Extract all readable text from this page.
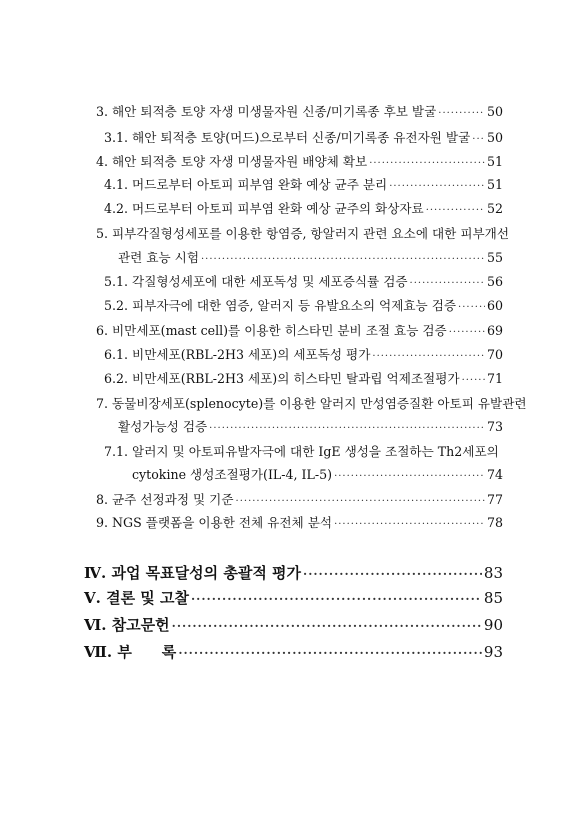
3. 해안 퇴적층 토양 자생 미생물자원 신종/미기록종 후보 발굴 ·····	50
3.1. 해안 퇴적층 토양(머드)으로부터 신종/미기록종 유전자원 발굴 ····· 50
4. 해안 퇴적층 토양 자생 미생물자원 배양체 확보 ·····	51
4.1. 머드로부터 아토피 피부염 완화 예상 균주 분리 ·····	51
4.2. 머드로부터 아토피 피부염 완화 예상 균주의 화상자료 ·····	52
5. 피부각질형성세포를 이용한 항염증, 항알러지 관련 요소에 대한 피부개선
관련 효능 시험 ·····	55
5.1. 각질형성세포에 대한 세포독성 및 세포증식률 검증 ·····	56
5.2. 피부자극에 대한 염증, 알러지 등 유발요소의 억제효능 검증 ····· 60
6. 비만세포(mast cell)를 이용한 히스타민 분비 조절 효능 검증 ·····	69
6.1. 비만세포(RBL-2H3 세포)의 세포독성 평가 ·····	70
6.2. 비만세포(RBL-2H3 세포)의 히스타민 탈과립 억제조절평가 ····· 71
7. 동물비장세포(splenocyte)를 이용한 알러지 만성염증질환 아토피 유발관련
활성가능성 검증 ·····	73
7.1. 알러지 및 아토피유발자극에 대한 IgE 생성을 조절하는 Th2세포의
cytokine 생성조절평가(IL-4, IL-5) ·····	74
8. 균주 선정과정 및 기준 ·····	77
9. NGS 플랫폼을 이용한 전체 유전체 분석 ·····	78
Ⅳ. 과업 목표달성의 총괄적 평가 ·····	83
Ⅴ. 결론 및 고찰 ·····	85
Ⅵ. 참고문헌 ·····	90
Ⅶ. 부　　록 ·····	93
